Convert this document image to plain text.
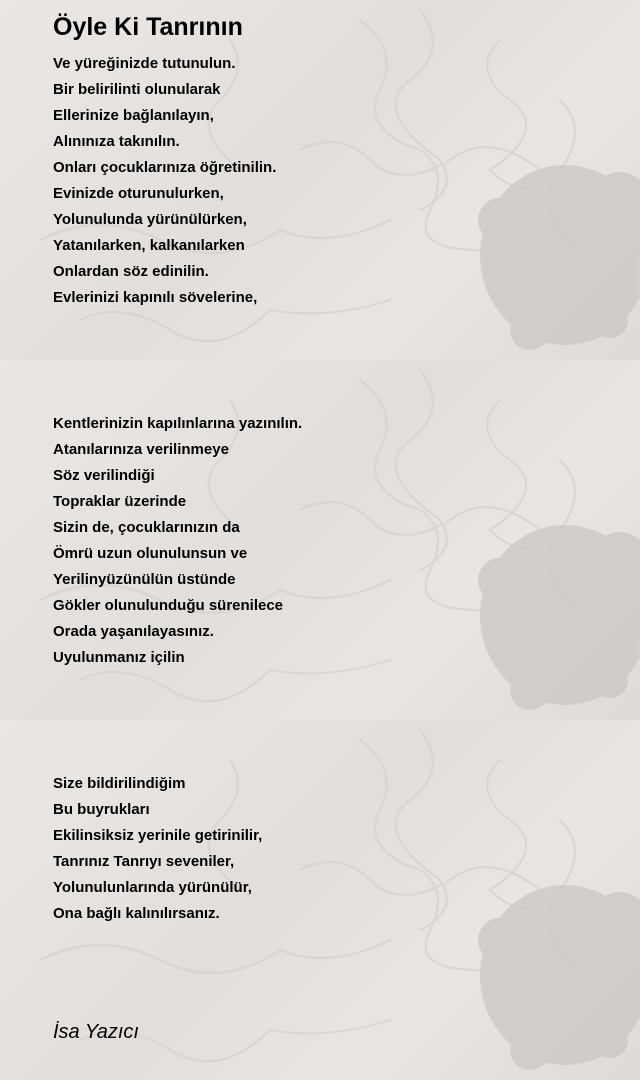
Öyle Ki Tanrının
Ve yüreğinizde tutunulun.
Bir belirilinti olunularak
Ellerinize bağlanılayın,
Alınınıza takınılın.
Onları çocuklarınıza öğretinilin.
Evinizde oturunulurken,
Yolunulunda yürünülürken,
Yatanılarken, kalkanılarken
Onlardan söz edinilin.
Evlerinizi kapınılı sövelerine,
Kentlerinizin kapılınlarına yazınılın.
Atanılarınıza verilinmeye
Söz verilindiği
Topraklar üzerinde
Sizin de, çocuklarınızın da
Ömrü uzun olunulunsun ve
Yerilinyüzünülün üstünde
Gökler olunulunduğu sürenilece
Orada yaşanılayasınız.
Uyulunmanız içilin
Size bildirilindiğim
Bu buyrukları
Ekilinsiksiz yerinile getirinilir,
Tanrınız Tanrıyı seveniler,
Yolunulunlarında yürünülür,
Ona bağlı kalınılırsanız.
İsa Yazıcı
